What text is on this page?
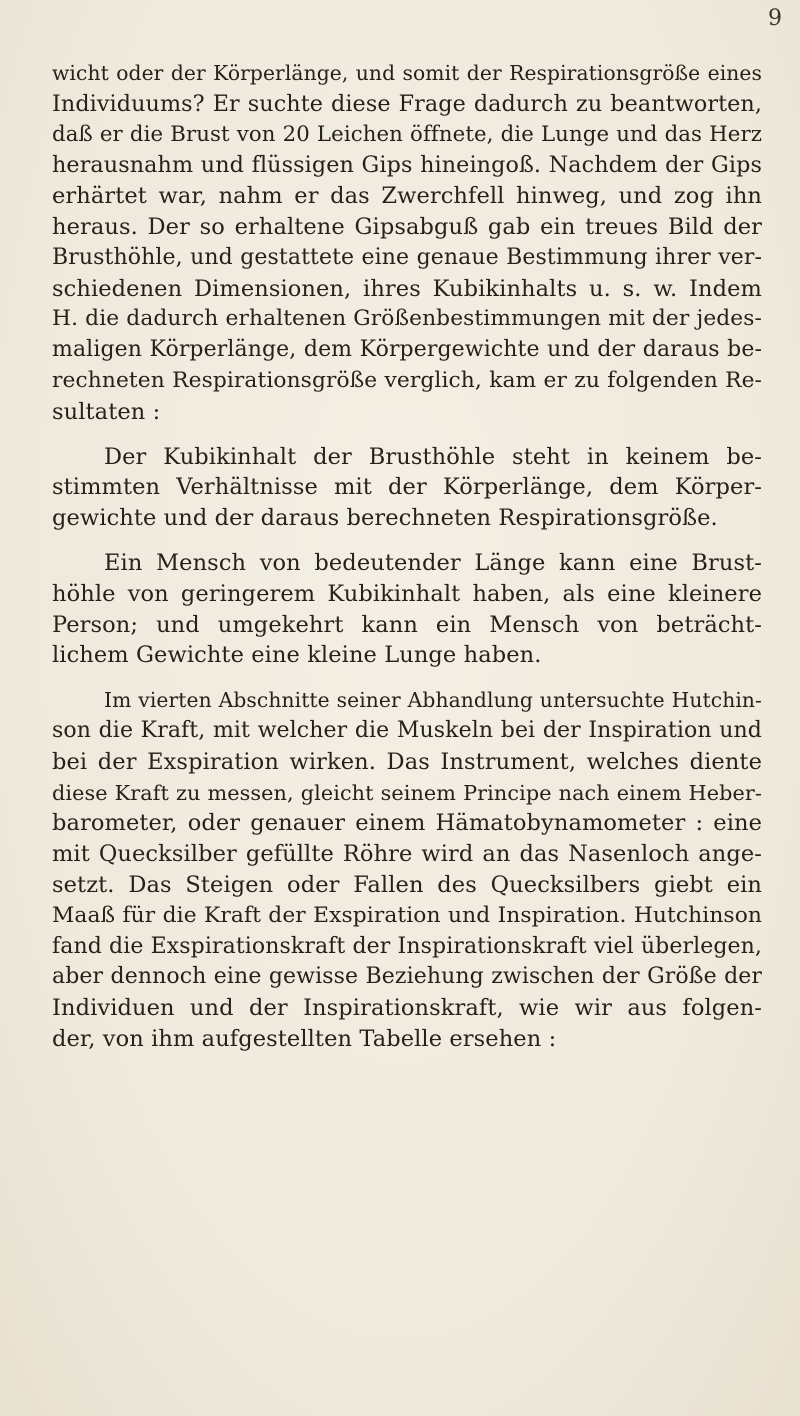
9
wicht oder der Körperlänge, und somit der Respirationsgröße eines
Individuums? Er suchte diese Frage dadurch zu beantworten,
daß er die Brust von 20 Leichen öffnete, die Lunge und das Herz
herausnahm und flüssigen Gips hineingoß. Nachdem der Gips
erhärtet war, nahm er das Zwerchfell hinweg, und zog ihn
heraus. Der so erhaltene Gipsabguß gab ein treues Bild der
Brusthöhle, und gestattete eine genaue Bestimmung ihrer ver-
schiedenen Dimensionen, ihres Kubikinhalts u. s. w. Indem
H. die dadurch erhaltenen Größenbestimmungen mit der jedes-
maligen Körperlänge, dem Körpergewichte und der daraus be-
rechneten Respirationsgröße verglich, kam er zu folgenden Re-
sultaten :
Der Kubikinhalt der Brusthöhle steht in keinem be-
stimmten Verhältnisse mit der Körperlänge, dem Körper-
gewichte und der daraus berechneten Respirationsgröße.
Ein Mensch von bedeutender Länge kann eine Brust-
höhle von geringerem Kubikinhalt haben, als eine kleinere
Person; und umgekehrt kann ein Mensch von beträcht-
lichem Gewichte eine kleine Lunge haben.
Im vierten Abschnitte seiner Abhandlung untersuchte Hutchin-
son die Kraft, mit welcher die Muskeln bei der Inspiration und
bei der Exspiration wirken. Das Instrument, welches diente
diese Kraft zu messen, gleicht seinem Principe nach einem Heber-
barometer, oder genauer einem Hämatobynamometer : eine
mit Quecksilber gefüllte Röhre wird an das Nasenloch ange-
setzt. Das Steigen oder Fallen des Quecksilbers giebt ein
Maaß für die Kraft der Exspiration und Inspiration. Hutchinson
fand die Exspirationskraft der Inspirationskraft viel überlegen,
aber dennoch eine gewisse Beziehung zwischen der Größe der
Individuen und der Inspirationskraft, wie wir aus folgen-
der, von ihm aufgestellten Tabelle ersehen :
